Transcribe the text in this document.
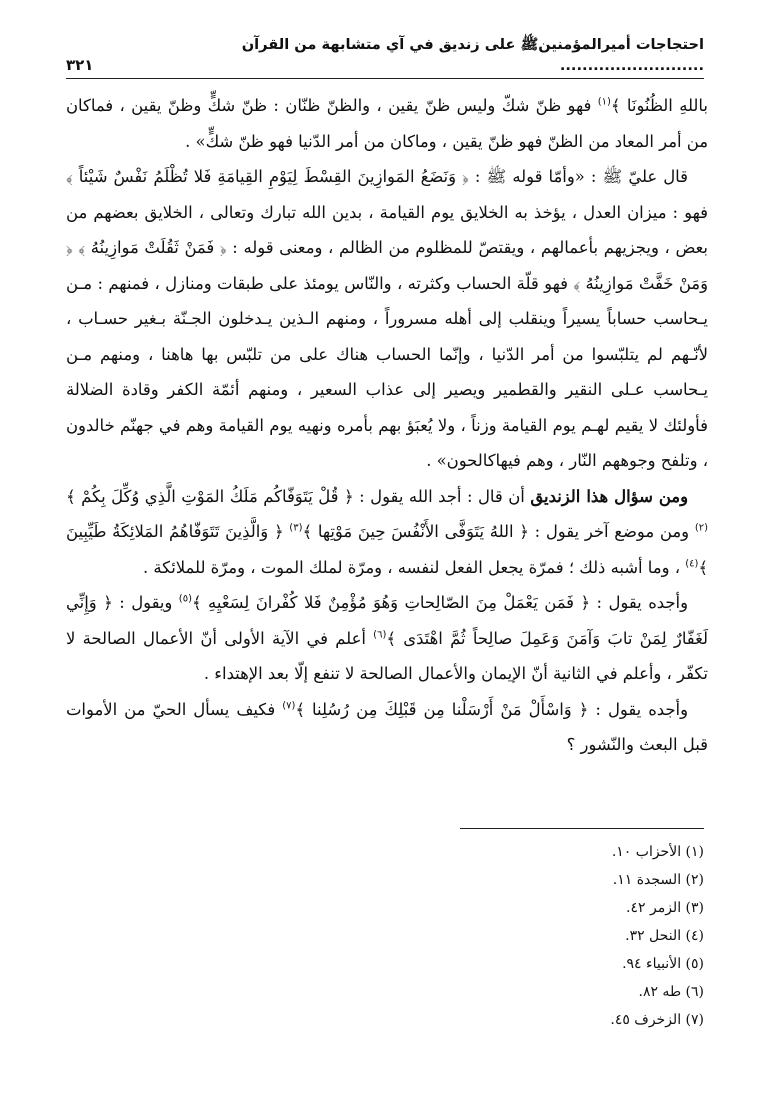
احتجاجات أميرالمؤمنينﷺ على زنديق في آي متشابهة من القرآن ..........................
٣٢١

باللهِ الظُنُونَا ﴾$^{(١)}$ فهو ظنّ شكّ وليس ظنّ يقين ، والظنّ ظنّان : ظنّ شكٍّ وظنّ يقين ، فماكان من أمر المعاد من الظنّ فهو ظنّ يقين ، وماكان من أمر الدّنيا فهو ظنّ شكٍّ» .

قال عليّ ﷺ : «وأمّا قوله ﷺ : ﴿ وَنَضَعُ المَوازِينَ القِسْطَ لِيَوْمِ القِيامَةِ فَلا تُظْلَمُ نَفْسٌ شَيْئاً ﴾ فهو : ميزان العدل ، يؤخذ به الخلايق يوم القيامة ، بدين الله تبارك وتعالى ، الخلايق بعضهم من بعض ، ويجزيهم بأعمالهم ، ويقتصّ للمظلوم من الظالم ، ومعنى قوله : ﴿ فَمَنْ ثَقُلَتْ مَوازِينُهُ ﴾ ﴿ وَمَنْ خَفَّتْ مَوازِينُهُ ﴾ فهو قلّة الحساب وكثرته ، والنّاس يومئذ على طبقات ومنازل ، فمنهم : مـن يـحاسب حساباً يسيراً وينقلب إلى أهله مسروراً ، ومنهم الـذين يـدخلون الجـنّة بـغير حسـاب ، لأنّـهم لم يتلبّسوا من أمر الدّنيا ، وإنّما الحساب هناك على من تلبّس بها هاهنا ، ومنهم مـن يـحاسب عـلى النقير والقطمير ويصير إلى عذاب السعير ، ومنهم أئمّة الكفر وقادة الضلالة فأولئك لا يقيم لهـم يوم القيامة وزناً ، ولا يُعبَؤ بهم بأمره ونهيه يوم القيامة وهم في جهنّم خالدون ، وتلفح وجوههم النّار ، وهم فيهاكالحون» .

ومن سؤال هذا الزنديق أن قال : أجد الله يقول : ﴿ قُلْ يَتَوَفّاكُم مَلَكُ المَوْتِ الَّذِي وُكِّلَ بِكُمْ ﴾$^{(٢)}$ ومن موضع آخر يقول : ﴿ اللهُ يَتَوَفَّى الأَنْفُسَ حِينَ مَوْتِها ﴾$^{(٣)}$ ﴿ وَالَّذِينَ تَتَوَفّاهُمُ المَلائِكَةُ طَيِّبِينَ ﴾$^{(٤)}$ ، وما أشبه ذلك ؛ فمرّة يجعل الفعل لنفسه ، ومرّة لملك الموت ، ومرّة للملائكة .

وأجده يقول : ﴿ فَمَن يَعْمَلْ مِنَ الصّالِحاتِ وَهُوَ مُؤْمِنٌ فَلا كُفْرانَ لِسَعْيِهِ ﴾$^{(٥)}$ ويقول : ﴿ وَإِنِّي لَغَفّارٌ لِمَنْ تابَ وَآمَنَ وَعَمِلَ صالِحاً ثُمَّ اهْتَدَى ﴾$^{(٦)}$ أعلم في الآية الأولى أنّ الأعمال الصالحة لا تكفّر ، وأعلم في الثانية أنّ الإيمان والأعمال الصالحة لا تنفع إلّا بعد الإهتداء .

وأجده يقول : ﴿ وَاسْأَلْ مَنْ أَرْسَلْنا مِن قَبْلِكَ مِن رُسُلِنا ﴾$^{(٧)}$ فكيف يسأل الحيّ من الأموات قبل البعث والنّشور ؟

(١) الأحزاب ١٠.
(٢) السجدة ١١.
(٣) الزمر ٤٢.
(٤) النحل ٣٢.
(٥) الأنبياء ٩٤.
(٦) طه ٨٢.
(٧) الزخرف ٤٥.
